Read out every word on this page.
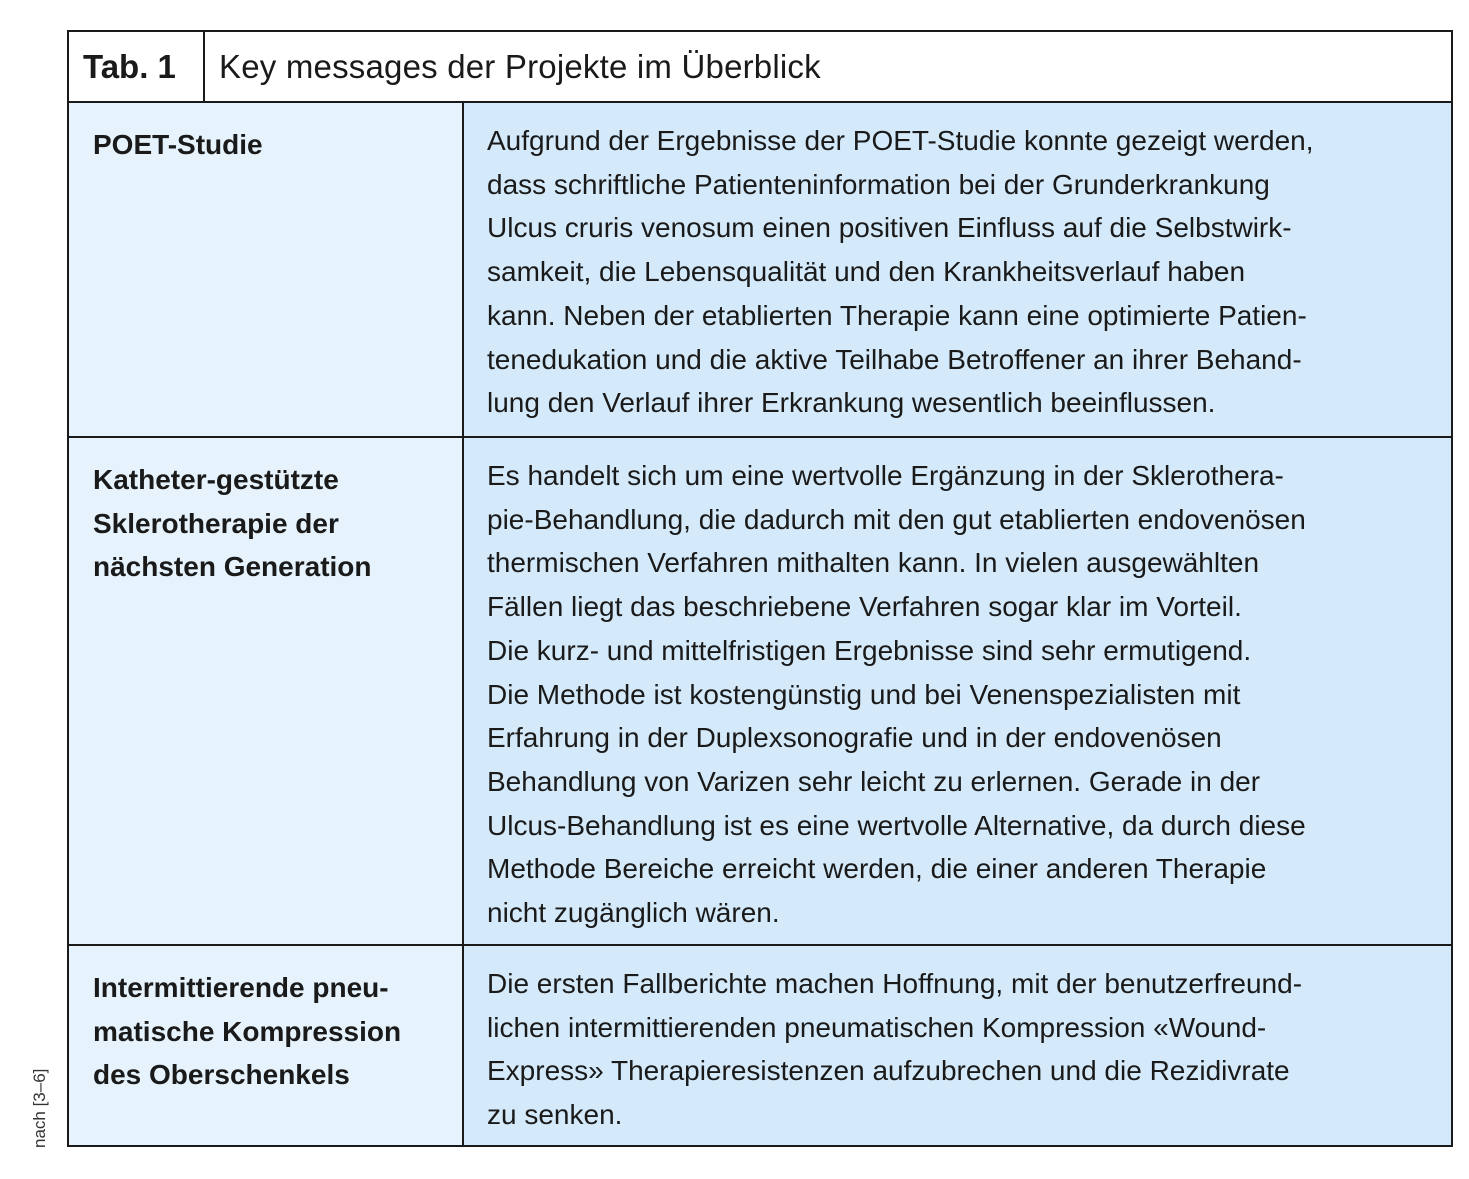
Tab. 1	Key messages der Projekte im Überblick
POET-Studie	Aufgrund der Ergebnisse der POET-Studie konnte gezeigt werden,
dass schriftliche Patienteninformation bei der Grunderkrankung
Ulcus cruris venosum einen positiven Einfluss auf die Selbstwirk-
samkeit, die Lebensqualität und den Krankheitsverlauf haben
kann. Neben der etablierten Therapie kann eine optimierte Patien-
tenedukation und die aktive Teilhabe Betroffener an ihrer Behand-
lung den Verlauf ihrer Erkrankung wesentlich beeinflussen.
Katheter-gestützte
Sklerotherapie der
nächsten Generation
Es handelt sich um eine wertvolle Ergänzung in der Sklerothera-
pie-Behandlung, die dadurch mit den gut etablierten endovenösen
thermischen Verfahren mithalten kann. In vielen ausgewählten
Fällen liegt das beschriebene Verfahren sogar klar im Vorteil.
Die kurz- und mittelfristigen Ergebnisse sind sehr ermutigend.
Die Methode ist kostengünstig und bei Venenspezialisten mit
Erfahrung in der Duplexsonografie und in der endovenösen
Behandlung von Varizen sehr leicht zu erlernen. Gerade in der
Ulcus-Behandlung ist es eine wertvolle Alternative, da durch diese
Methode Bereiche erreicht werden, die einer anderen Therapie
nicht zugänglich wären.
Intermittierende pneu-
matische Kompression
des Oberschenkels
Die ersten Fallberichte machen Hoffnung, mit der benutzerfreund-
lichen intermittierenden pneumatischen Kompression «Wound-
Express» Therapieresistenzen aufzubrechen und die Rezidivrate
zu senken.
nach [3–6]
